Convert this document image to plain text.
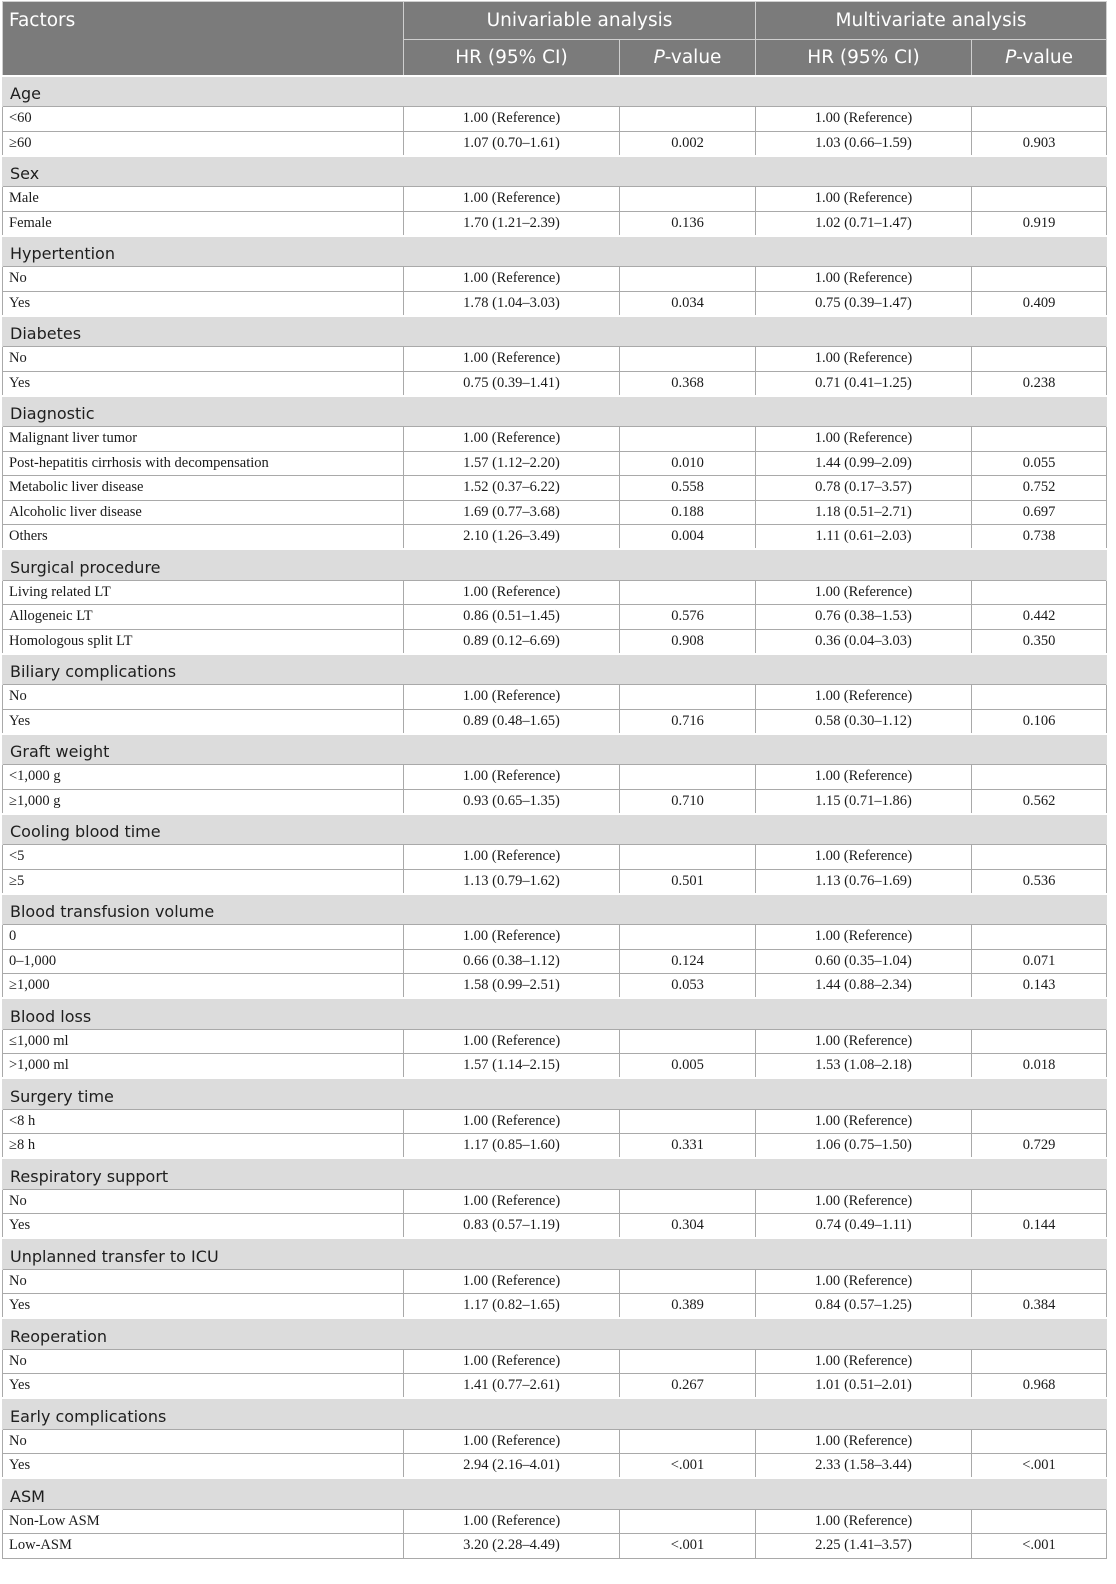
Factors	Univariable analysis		Multivariate analysis	
	HR (95% CI)	P-value	HR (95% CI)	P-value
Age				
<60	1.00 (Reference)		1.00 (Reference)	
≥60	1.07 (0.70–1.61)	0.002	1.03 (0.66–1.59)	0.903
Sex				
Male	1.00 (Reference)		1.00 (Reference)	
Female	1.70 (1.21–2.39)	0.136	1.02 (0.71–1.47)	0.919
Hypertention				
No	1.00 (Reference)		1.00 (Reference)	
Yes	1.78 (1.04–3.03)	0.034	0.75 (0.39–1.47)	0.409
Diabetes				
No	1.00 (Reference)		1.00 (Reference)	
Yes	0.75 (0.39–1.41)	0.368	0.71 (0.41–1.25)	0.238
Diagnostic				
Malignant liver tumor	1.00 (Reference)		1.00 (Reference)	
Post-hepatitis cirrhosis with decompensation	1.57 (1.12–2.20)	0.010	1.44 (0.99–2.09)	0.055
Metabolic liver disease	1.52 (0.37–6.22)	0.558	0.78 (0.17–3.57)	0.752
Alcoholic liver disease	1.69 (0.77–3.68)	0.188	1.18 (0.51–2.71)	0.697
Others	2.10 (1.26–3.49)	0.004	1.11 (0.61–2.03)	0.738
Surgical procedure				
Living related LT	1.00 (Reference)		1.00 (Reference)	
Allogeneic LT	0.86 (0.51–1.45)	0.576	0.76 (0.38–1.53)	0.442
Homologous split LT	0.89 (0.12–6.69)	0.908	0.36 (0.04–3.03)	0.350
Biliary complications				
No	1.00 (Reference)		1.00 (Reference)	
Yes	0.89 (0.48–1.65)	0.716	0.58 (0.30–1.12)	0.106
Graft weight				
<1,000 g	1.00 (Reference)		1.00 (Reference)	
≥1,000 g	0.93 (0.65–1.35)	0.710	1.15 (0.71–1.86)	0.562
Cooling blood time				
<5	1.00 (Reference)		1.00 (Reference)	
≥5	1.13 (0.79–1.62)	0.501	1.13 (0.76–1.69)	0.536
Blood transfusion volume				
0	1.00 (Reference)		1.00 (Reference)	
0–1,000	0.66 (0.38–1.12)	0.124	0.60 (0.35–1.04)	0.071
≥1,000	1.58 (0.99–2.51)	0.053	1.44 (0.88–2.34)	0.143
Blood loss				
≤1,000 ml	1.00 (Reference)		1.00 (Reference)	
>1,000 ml	1.57 (1.14–2.15)	0.005	1.53 (1.08–2.18)	0.018
Surgery time				
<8 h	1.00 (Reference)		1.00 (Reference)	
≥8 h	1.17 (0.85–1.60)	0.331	1.06 (0.75–1.50)	0.729
Respiratory support				
No	1.00 (Reference)		1.00 (Reference)	
Yes	0.83 (0.57–1.19)	0.304	0.74 (0.49–1.11)	0.144
Unplanned transfer to ICU				
No	1.00 (Reference)		1.00 (Reference)	
Yes	1.17 (0.82–1.65)	0.389	0.84 (0.57–1.25)	0.384
Reoperation				
No	1.00 (Reference)		1.00 (Reference)	
Yes	1.41 (0.77–2.61)	0.267	1.01 (0.51–2.01)	0.968
Early complications				
No	1.00 (Reference)		1.00 (Reference)	
Yes	2.94 (2.16–4.01)	<.001	2.33 (1.58–3.44)	<.001
ASM				
Non-Low ASM	1.00 (Reference)		1.00 (Reference)	
Low-ASM	3.20 (2.28–4.49)	<.001	2.25 (1.41–3.57)	<.001
